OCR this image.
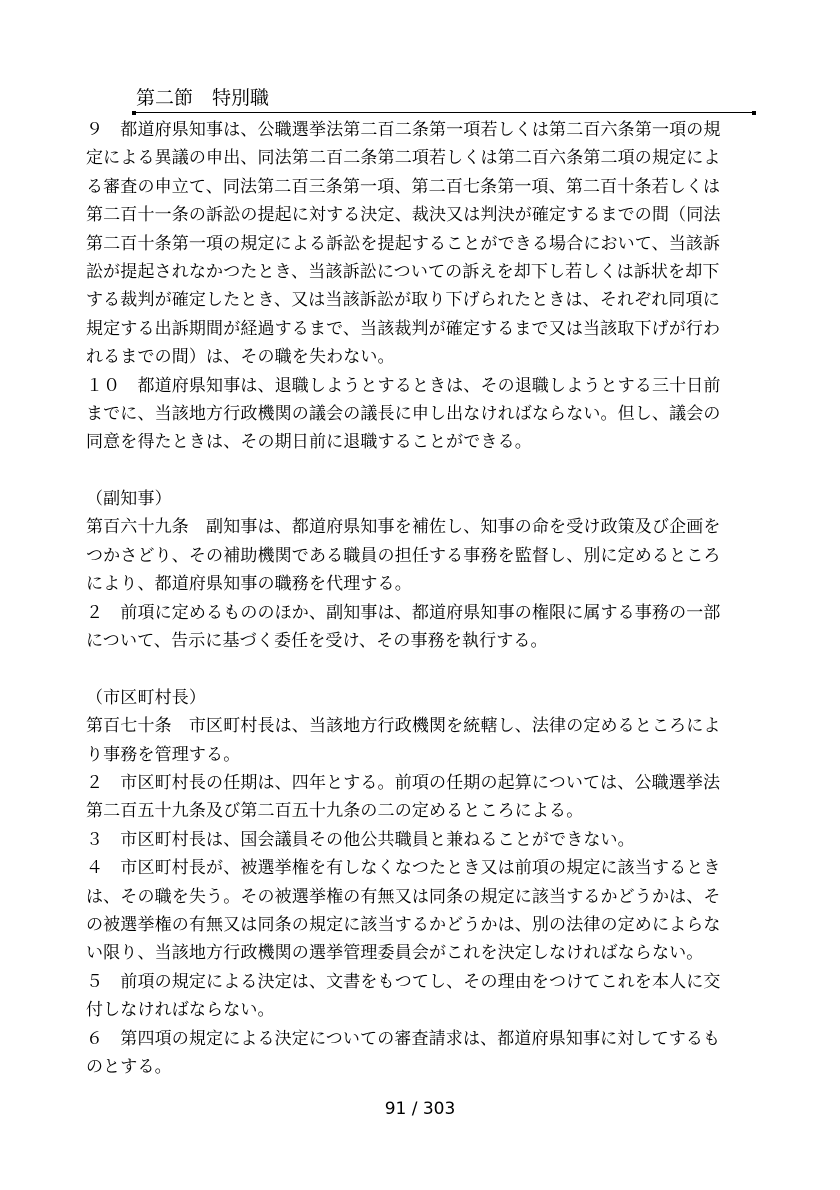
第二節　特別職
９　都道府県知事は、公職選挙法第二百二条第一項若しくは第二百六条第一項の規
定による異議の申出、同法第二百二条第二項若しくは第二百六条第二項の規定によ
る審査の申立て、同法第二百三条第一項、第二百七条第一項、第二百十条若しくは
第二百十一条の訴訟の提起に対する決定、裁決又は判決が確定するまでの間（同法
第二百十条第一項の規定による訴訟を提起することができる場合において、当該訴
訟が提起されなかつたとき、当該訴訟についての訴えを却下し若しくは訴状を却下
する裁判が確定したとき、又は当該訴訟が取り下げられたときは、それぞれ同項に
規定する出訴期間が経過するまで、当該裁判が確定するまで又は当該取下げが行わ
れるまでの間）は、その職を失わない。
１０　都道府県知事は、退職しようとするときは、その退職しようとする三十日前
までに、当該地方行政機関の議会の議長に申し出なければならない。但し、議会の
同意を得たときは、その期日前に退職することができる。
（副知事）
第百六十九条　副知事は、都道府県知事を補佐し、知事の命を受け政策及び企画を
つかさどり、その補助機関である職員の担任する事務を監督し、別に定めるところ
により、都道府県知事の職務を代理する。
２　前項に定めるもののほか、副知事は、都道府県知事の権限に属する事務の一部
について、告示に基づく委任を受け、その事務を執行する。
（市区町村長）
第百七十条　市区町村長は、当該地方行政機関を統轄し、法律の定めるところによ
り事務を管理する。
２　市区町村長の任期は、四年とする。前項の任期の起算については、公職選挙法
第二百五十九条及び第二百五十九条の二の定めるところによる。
３　市区町村長は、国会議員その他公共職員と兼ねることができない。
４　市区町村長が、被選挙権を有しなくなつたとき又は前項の規定に該当するとき
は、その職を失う。その被選挙権の有無又は同条の規定に該当するかどうかは、そ
の被選挙権の有無又は同条の規定に該当するかどうかは、別の法律の定めによらな
い限り、当該地方行政機関の選挙管理委員会がこれを決定しなければならない。
５　前項の規定による決定は、文書をもつてし、その理由をつけてこれを本人に交
付しなければならない。
６　第四項の規定による決定についての審査請求は、都道府県知事に対してするも
のとする。
91 / 303
